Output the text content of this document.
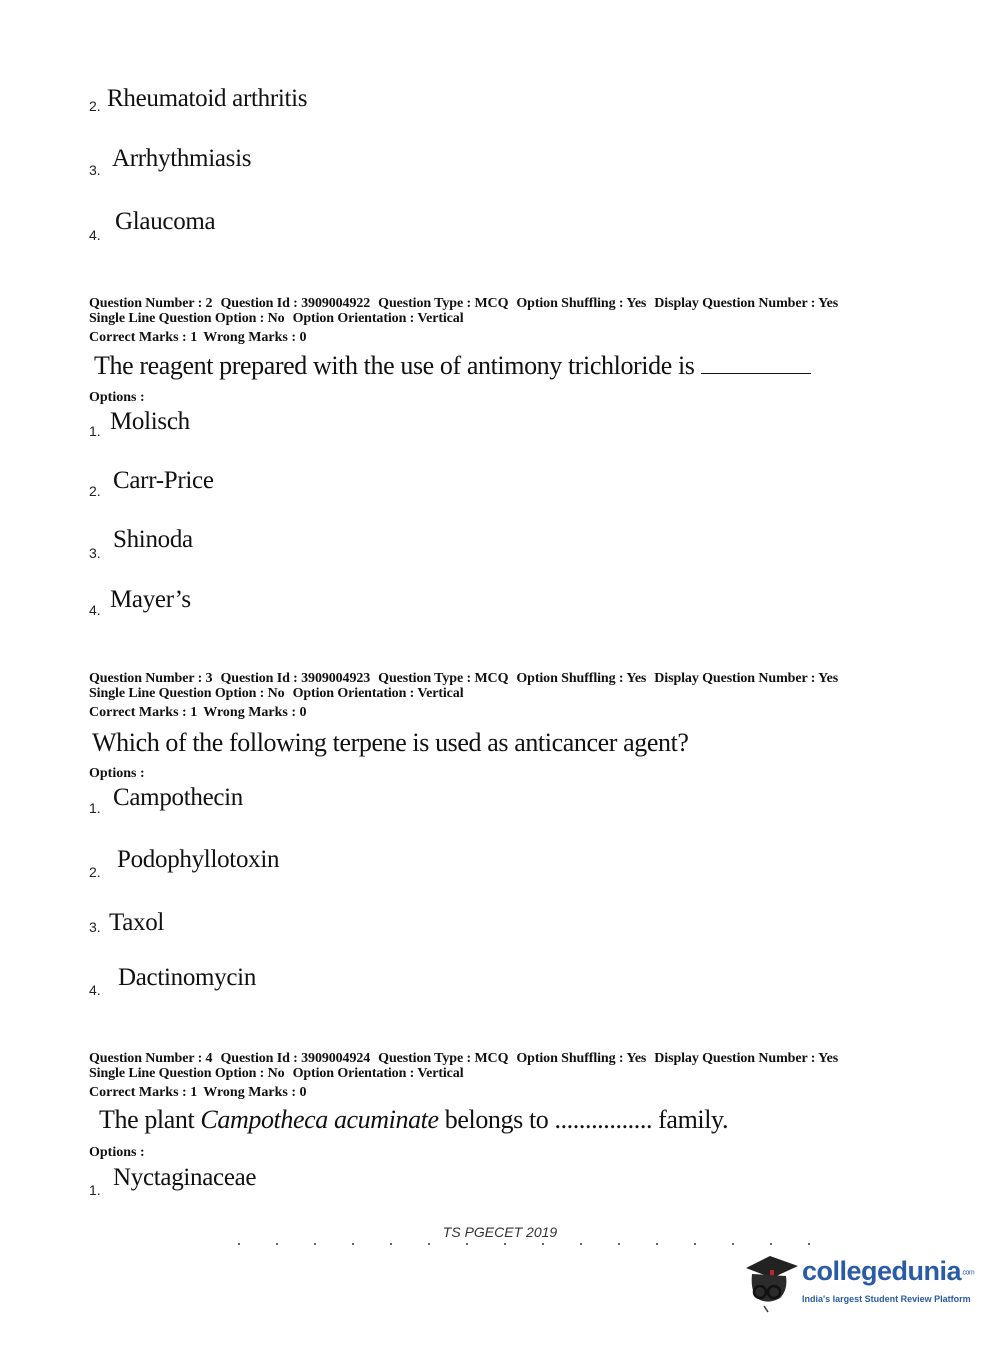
2. Rheumatoid arthritis
3. Arrhythmiasis
4. Glaucoma
Question Number : 2 Question Id : 3909004922 Question Type : MCQ Option Shuffling : Yes Display Question Number : Yes
Single Line Question Option : No Option Orientation : Vertical
Correct Marks : 1 Wrong Marks : 0
The reagent prepared with the use of antimony trichloride is
Options :
1. Molisch
2. Carr-Price
3. Shinoda
4. Mayer’s
Question Number : 3 Question Id : 3909004923 Question Type : MCQ Option Shuffling : Yes Display Question Number : Yes
Single Line Question Option : No Option Orientation : Vertical
Correct Marks : 1 Wrong Marks : 0
Which of the following terpene is used as anticancer agent?
Options :
1. Campothecin
2. Podophyllotoxin
3. Taxol
4. Dactinomycin
Question Number : 4 Question Id : 3909004924 Question Type : MCQ Option Shuffling : Yes Display Question Number : Yes
Single Line Question Option : No Option Orientation : Vertical
Correct Marks : 1 Wrong Marks : 0
The plant Campotheca acuminate belongs to ................ family.
Options :
1. Nyctaginaceae
TS PGECET 2019
collegedunia.com
India's largest Student Review Platform
